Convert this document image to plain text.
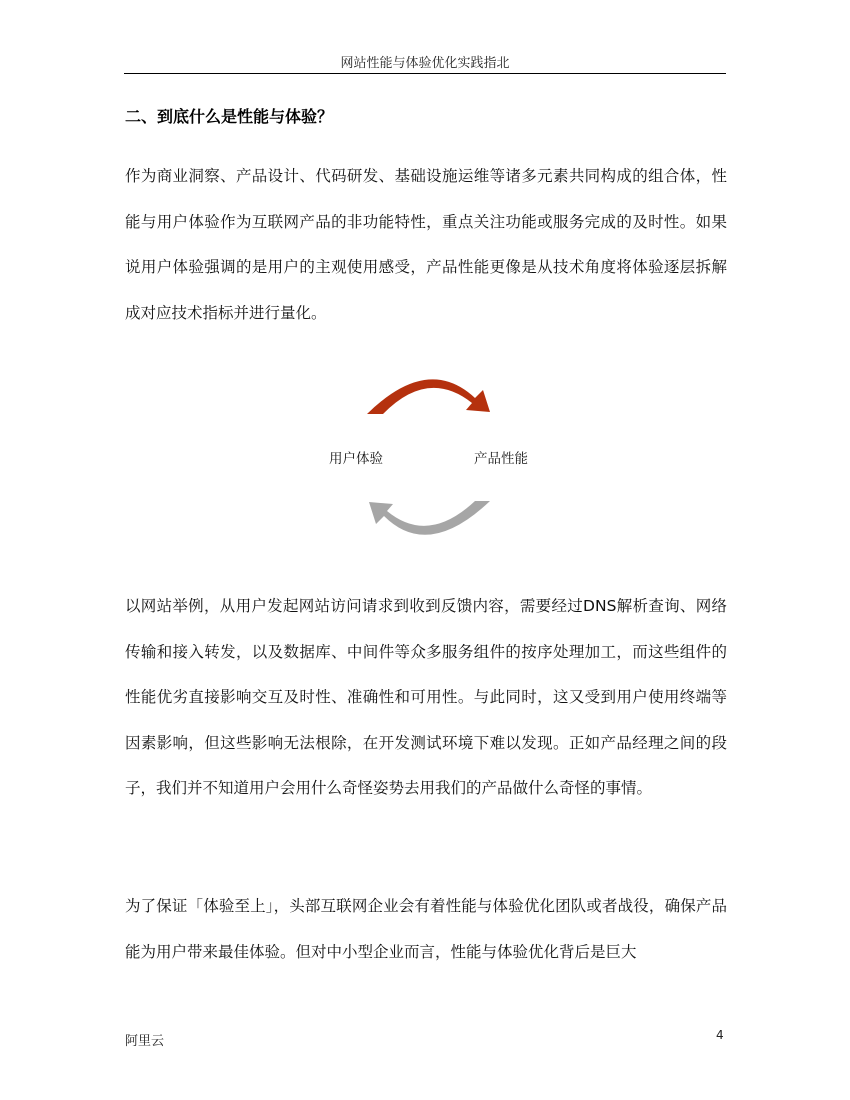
网站性能与体验优化实践指北
二、到底什么是性能与体验？

作为商业洞察、产品设计、代码研发、基础设施运维等诸多元素共同构成的组合体，性能与用户体验作为互联网产品的非功能特性，重点关注功能或服务完成的及时性。如果说用户体验强调的是用户的主观使用感受，产品性能更像是从技术角度将体验逐层拆解成对应技术指标并进行量化。

用户体验	产品性能

以网站举例，从用户发起网站访问请求到收到反馈内容，需要经过DNS解析查询、网络传输和接入转发，以及数据库、中间件等众多服务组件的按序处理加工，而这些组件的性能优劣直接影响交互及时性、准确性和可用性。与此同时，这又受到用户使用终端等因素影响，但这些影响无法根除，在开发测试环境下难以发现。正如产品经理之间的段子，我们并不知道用户会用什么奇怪姿势去用我们的产品做什么奇怪的事情。

为了保证「体验至上」，头部互联网企业会有着性能与体验优化团队或者战役，确保产品能为用户带来最佳体验。但对中小型企业而言，性能与体验优化背后是巨大

阿里云	4
